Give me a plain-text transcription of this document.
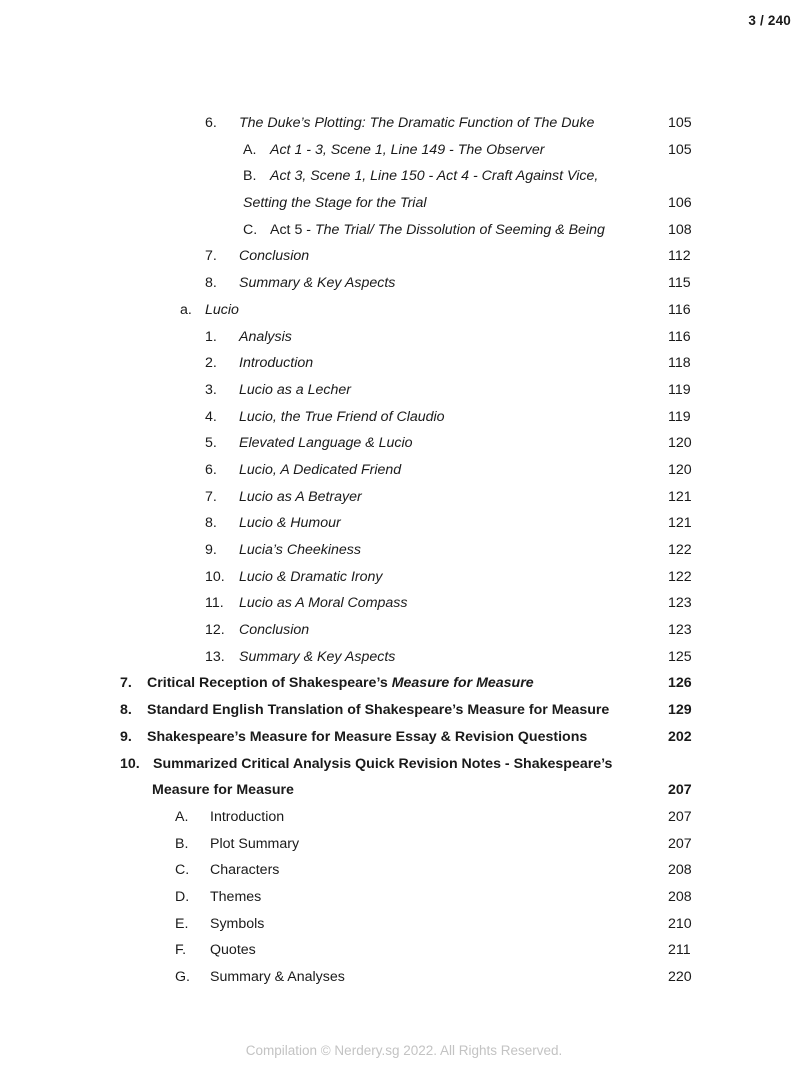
3 / 240
6. The Duke’s Plotting: The Dramatic Function of The Duke	105
A. Act 1 - 3, Scene 1, Line 149 - The Observer	105
B. Act 3, Scene 1, Line 150 - Act 4 - Craft Against Vice,
Setting the Stage for the Trial	106
C. Act 5 - The Trial/ The Dissolution of Seeming & Being	108
7. Conclusion	112
8. Summary & Key Aspects	115
a. Lucio	116
1. Analysis	116
2. Introduction	118
3. Lucio as a Lecher	119
4. Lucio, the True Friend of Claudio	119
5. Elevated Language & Lucio	120
6. Lucio, A Dedicated Friend	120
7. Lucio as A Betrayer	121
8. Lucio & Humour	121
9. Lucia’s Cheekiness	122
10. Lucio & Dramatic Irony	122
11. Lucio as A Moral Compass	123
12. Conclusion	123
13. Summary & Key Aspects	125
7. Critical Reception of Shakespeare’s Measure for Measure	126
8. Standard English Translation of Shakespeare’s Measure for Measure	129
9. Shakespeare’s Measure for Measure Essay & Revision Questions	202
10. Summarized Critical Analysis Quick Revision Notes - Shakespeare’s
Measure for Measure	207
A. Introduction	207
B. Plot Summary	207
C. Characters	208
D. Themes	208
E. Symbols	210
F. Quotes	211
G. Summary & Analyses	220
Compilation © Nerdery.sg 2022. All Rights Reserved.
